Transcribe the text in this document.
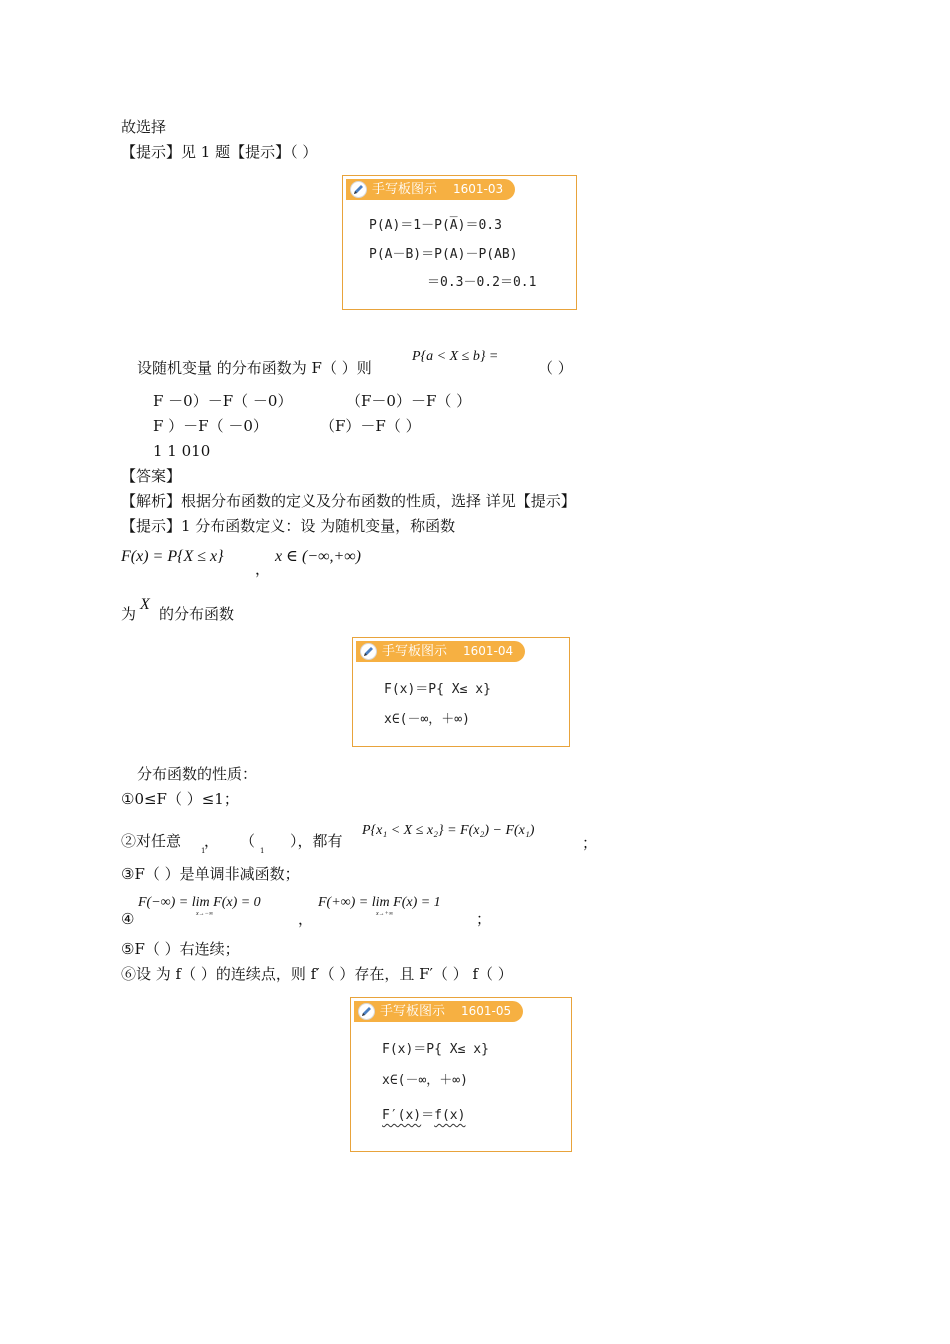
故选择
【提示】见 1 题【提示】（ ）
手写板图示 1601-03
P(A)＝1－P(A̅)＝0.3
P(A－B)＝P(A)－P(AB)
＝0.3－0.2＝0.1
设随机变量 的分布函数为 F（ ）则
P{a < X ≤ b} =
（ ）
F －0）－F（ －0）	（F－0）－F（ ）
F ）－F（ －0）	（F）－F（ ）
1 1 010
【答案】
【解析】根据分布函数的定义及分布函数的性质，选择 详见【提示】
【提示】1 分布函数定义：设 为随机变量，称函数
F(x) = P{X ≤ x}
，
x ∈ (−∞,+∞)
为
X
的分布函数
手写板图示 1601-04
F(x)＝P{ X≤ x}
x∈(－∞，＋∞)
分布函数的性质：
①0≤F（ ）≤1；
②对任意
1
， （
1
），都有
P{x₁ < X ≤ x₂} = F(x₂) − F(x₁)
；
③F（ ）是单调非减函数；
④
F(−∞) = lim F(x) = 0
x→−∞	，
F(+∞) = lim F(x) = 1
x→+∞	；
⑤F（ ）右连续；
⑥设 为 f（ ）的连续点，则 f′（ ）存在，且 F′（ ） f（ ）
手写板图示 1601-05
F(x)＝P{ X≤ x}
x∈(－∞，＋∞)
F′(x)＝f(x)
